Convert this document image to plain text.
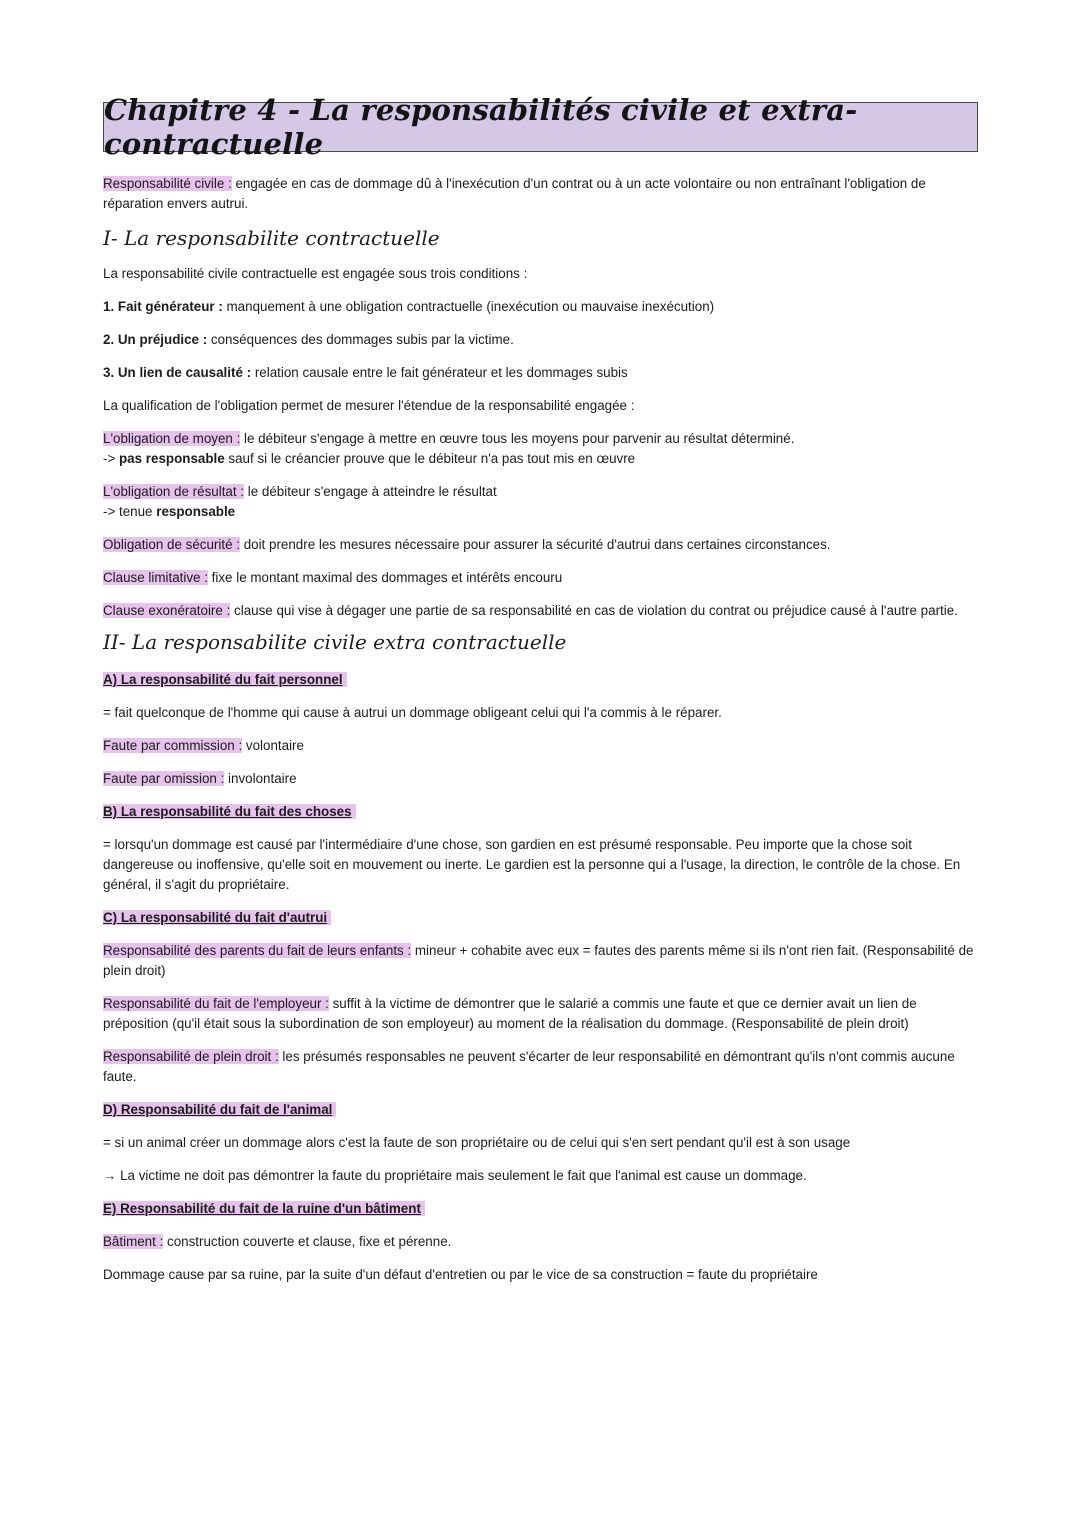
Chapitre 4 - La responsabilités civile et extra-contractuelle

Responsabilité civile : engagée en cas de dommage dû à l'inexécution d'un contrat ou à un acte volontaire ou non entraînant l'obligation de réparation envers autrui.

I- La responsabilite contractuelle

La responsabilité civile contractuelle est engagée sous trois conditions :

1. Fait générateur : manquement à une obligation contractuelle (inexécution ou mauvaise inexécution)

2. Un préjudice : conséquences des dommages subis par la victime.

3. Un lien de causalité : relation causale entre le fait générateur et les dommages subis

La qualification de l'obligation permet de mesurer l'étendue de la responsabilité engagée :

L'obligation de moyen : le débiteur s'engage à mettre en œuvre tous les moyens pour parvenir au résultat déterminé.
-> pas responsable sauf si le créancier prouve que le débiteur n'a pas tout mis en œuvre

L'obligation de résultat : le débiteur s'engage à atteindre le résultat
-> tenue responsable

Obligation de sécurité : doit prendre les mesures nécessaire pour assurer la sécurité d'autrui dans certaines circonstances.

Clause limitative : fixe le montant maximal des dommages et intérêts encouru

Clause exonératoire : clause qui vise à dégager une partie de sa responsabilité en cas de violation du contrat ou préjudice causé à l'autre partie.

II- La responsabilite civile extra contractuelle

A) La responsabilité du fait personnel

= fait quelconque de l'homme qui cause à autrui un dommage obligeant celui qui l'a commis à le réparer.

Faute par commission : volontaire

Faute par omission : involontaire

B) La responsabilité du fait des choses

= lorsqu'un dommage est causé par l'intermédiaire d'une chose, son gardien en est présumé responsable. Peu importe que la chose soit dangereuse ou inoffensive, qu'elle soit en mouvement ou inerte. Le gardien est la personne qui a l'usage, la direction, le contrôle de la chose. En général, il s'agit du propriétaire.

C) La responsabilité du fait d'autrui

Responsabilité des parents du fait de leurs enfants : mineur + cohabite avec eux = fautes des parents même si ils n'ont rien fait. (Responsabilité de plein droit)

Responsabilité du fait de l'employeur : suffit à la victime de démontrer que le salarié a commis une faute et que ce dernier avait un lien de préposition (qu'il était sous la subordination de son employeur) au moment de la réalisation du dommage. (Responsabilité de plein droit)

Responsabilité de plein droit : les présumés responsables ne peuvent s'écarter de leur responsabilité en démontrant qu'ils n'ont commis aucune faute.

D) Responsabilité du fait de l'animal

= si un animal créer un dommage alors c'est la faute de son propriétaire ou de celui qui s'en sert pendant qu'il est à son usage

→ La victime ne doit pas démontrer la faute du propriétaire mais seulement le fait que l'animal est cause un dommage.

E) Responsabilité du fait de la ruine d'un bâtiment

Bâtiment : construction couverte et clause, fixe et pérenne.

Dommage cause par sa ruine, par la suite d'un défaut d'entretien ou par le vice de sa construction = faute du propriétaire
